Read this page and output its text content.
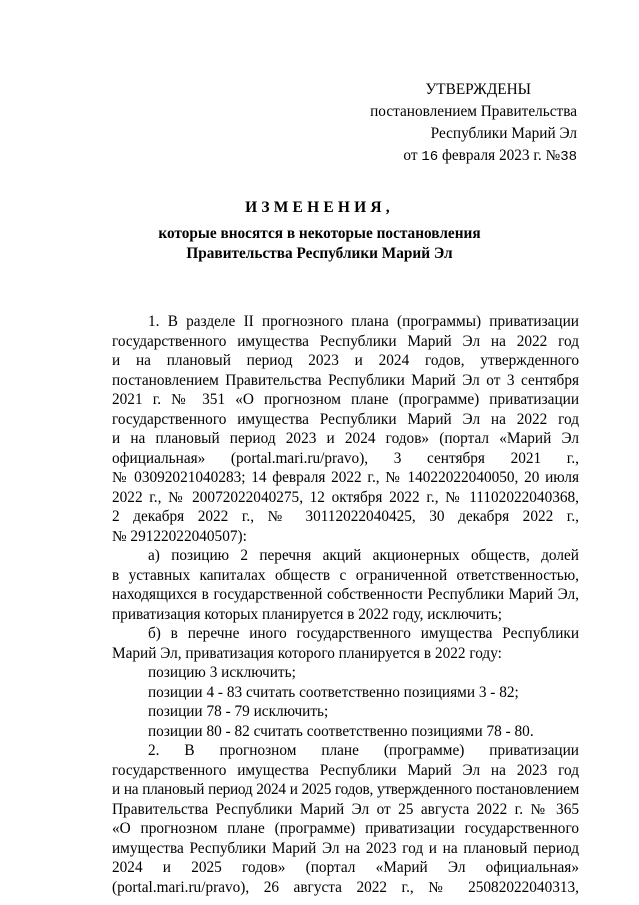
УТВЕРЖДЕНЫ
постановлением Правительства
Республики Марий Эл
от 16 февраля 2023 г. №38
ИЗМЕНЕНИЯ,
которые вносятся в некоторые постановления
Правительства Республики Марий Эл
1. В разделе II прогнозного плана (программы) приватизации
государственного имущества Республики Марий Эл на 2022 год
и на плановый период 2023 и 2024 годов, утвержденного
постановлением Правительства Республики Марий Эл от 3 сентября
2021 г. № 351 «О прогнозном плане (программе) приватизации
государственного имущества Республики Марий Эл на 2022 год
и на плановый период 2023 и 2024 годов» (портал «Марий Эл
официальная» (portal.mari.ru/pravo), 3 сентября 2021 г.,
№ 03092021040283; 14 февраля 2022 г., № 14022022040050, 20 июля
2022 г., № 20072022040275, 12 октября 2022 г., № 11102022040368,
2 декабря 2022 г., № 30112022040425, 30 декабря 2022 г.,
№ 29122022040507):
а) позицию 2 перечня акций акционерных обществ, долей
в уставных капиталах обществ с ограниченной ответственностью,
находящихся в государственной собственности Республики Марий Эл,
приватизация которых планируется в 2022 году, исключить;
б) в перечне иного государственного имущества Республики
Марий Эл, приватизация которого планируется в 2022 году:
позицию 3 исключить;
позиции 4 - 83 считать соответственно позициями 3 - 82;
позиции 78 - 79 исключить;
позиции 80 - 82 считать соответственно позициями 78 - 80.
2. В прогнозном плане (программе) приватизации
государственного имущества Республики Марий Эл на 2023 год
и на плановый период 2024 и 2025 годов, утвержденного постановлением
Правительства Республики Марий Эл от 25 августа 2022 г. № 365
«О прогнозном плане (программе) приватизации государственного
имущества Республики Марий Эл на 2023 год и на плановый период
2024 и 2025 годов» (портал «Марий Эл официальная»
(portal.mari.ru/pravo), 26 августа 2022 г., № 25082022040313,
